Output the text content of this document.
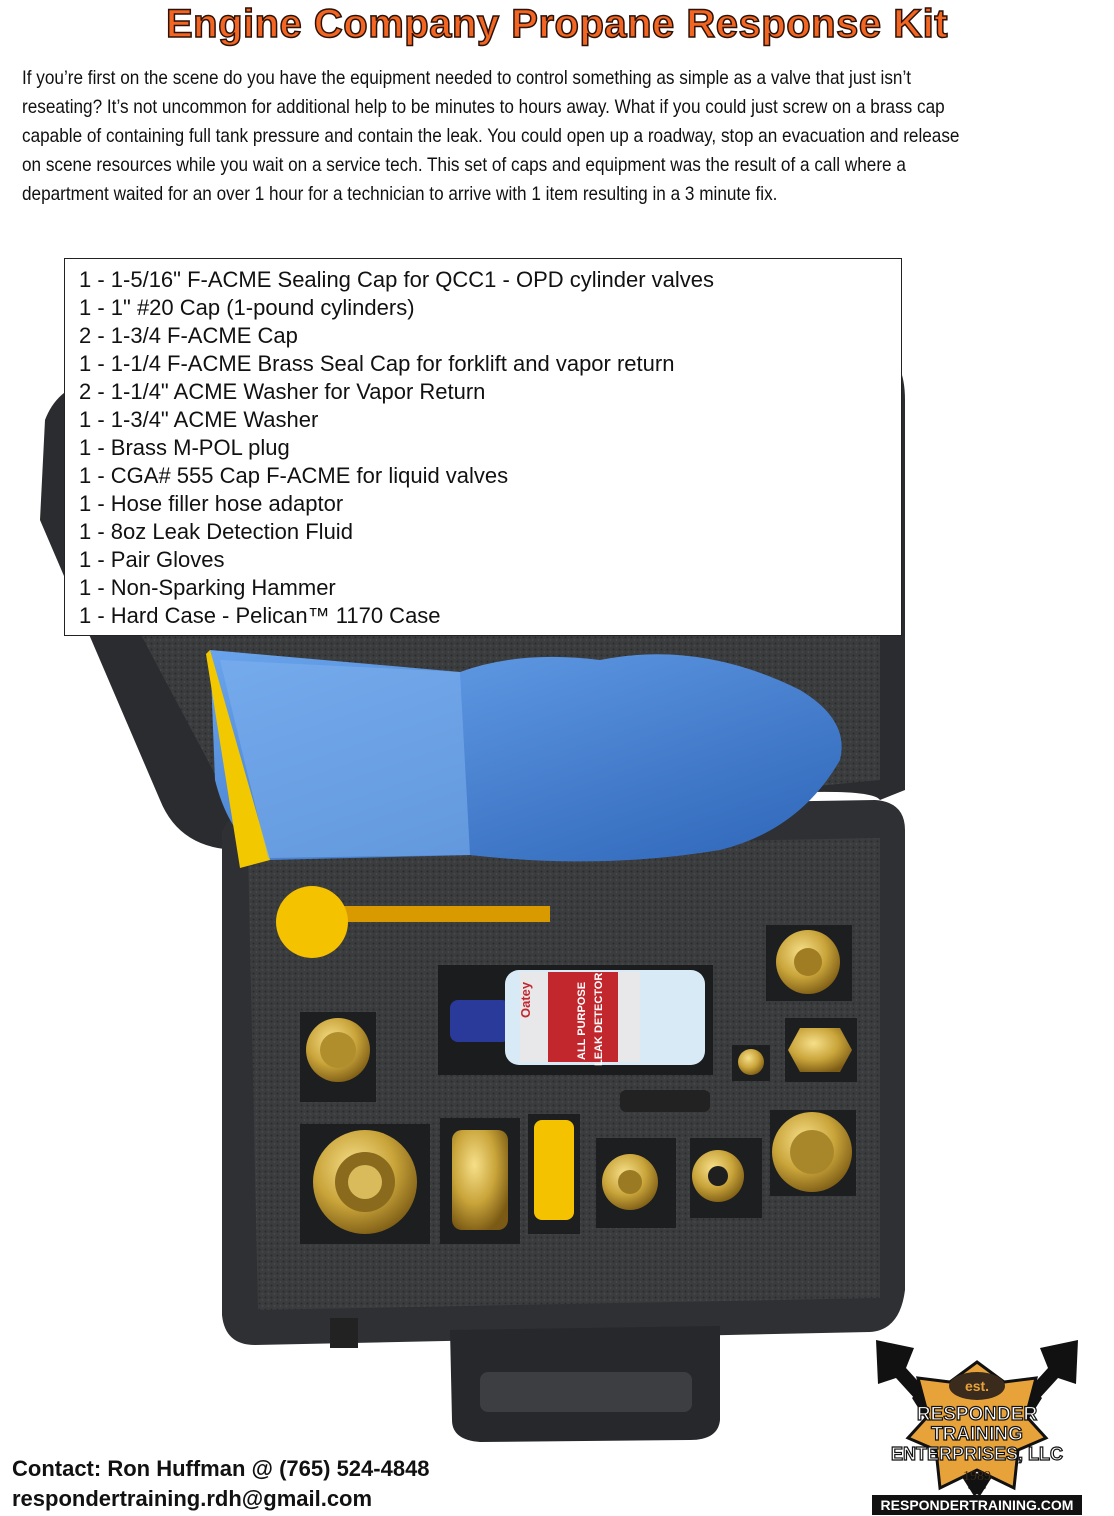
Engine Company Propane Response Kit

If you’re first on the scene do you have the equipment needed to control something as simple as a valve that just isn’t reseating? It’s not uncommon for additional help to be minutes to hours away. What if you could just screw on a brass cap capable of containing full tank pressure and contain the leak. You could open up a roadway, stop an evacuation and release on scene resources while you wait on a service tech. This set of caps and equipment was the result of a call where a department waited for an over 1 hour for a technician to arrive with 1 item resulting in a 3 minute fix.

Oatey	ALL PURPOSE LEAK DETECTOR
1 - 1-5/16" F-ACME Sealing Cap for QCC1 - OPD cylinder valves
1 - 1" #20 Cap (1-pound cylinders)
2 - 1-3/4 F-ACME Cap
1 - 1-1/4 F-ACME Brass Seal Cap for forklift and vapor return
2 - 1-1/4" ACME Washer for Vapor Return
1 - 1-3/4" ACME Washer
1 - Brass M-POL plug
1 - CGA# 555 Cap F-ACME for liquid valves
1 - Hose filler hose adaptor
1 - 8oz Leak Detection Fluid
1 - Pair Gloves
1 - Non-Sparking Hammer
1 - Hard Case - Pelican™ 1170 Case
Contact: Ron Huffman @ (765) 524-4848
respondertraining.rdh@gmail.com
est.
RESPONDER
TRAINING
ENTERPRISES, LLC
1989
RESPONDERTRAINING.COM
